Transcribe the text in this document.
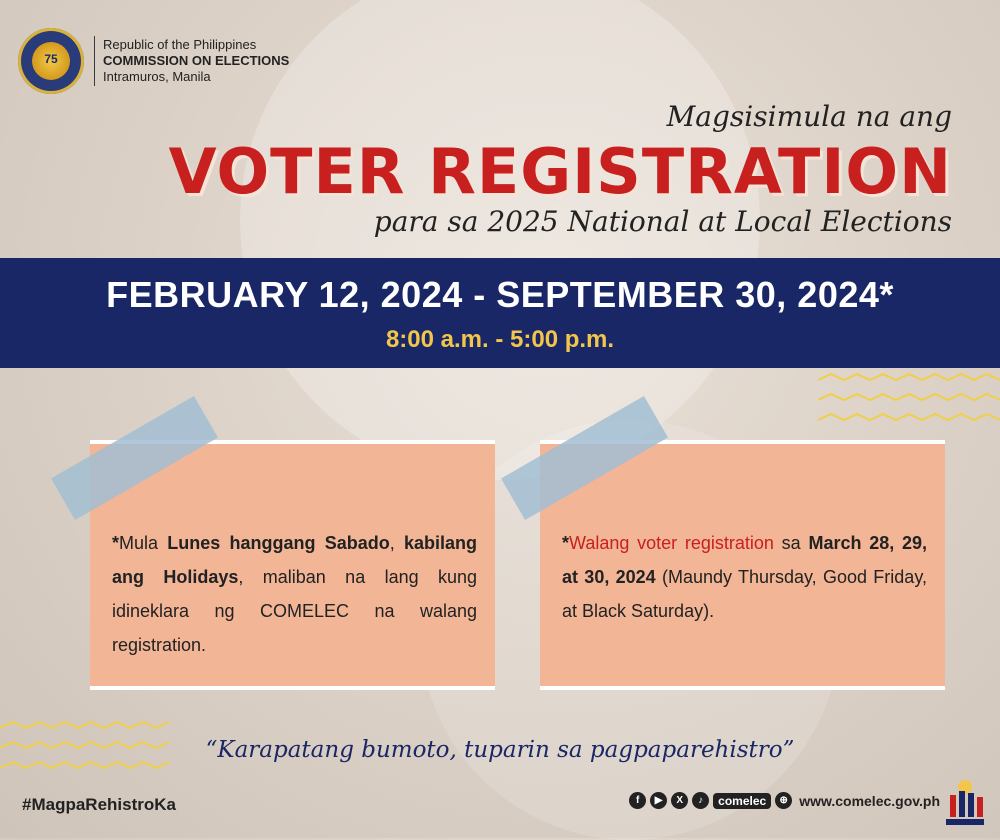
75
Republic of the Philippines
COMMISSION ON ELECTIONS
Intramuros, Manila
Magsisimula na ang
VOTER REGISTRATION
para sa 2025 National at Local Elections
FEBRUARY 12, 2024 - SEPTEMBER 30, 2024*
8:00 a.m. - 5:00 p.m.
*Mula Lunes hanggang Sabado, kabilang ang Holidays, maliban na lang kung idineklara ng COMELEC na walang registration.
*Walang voter registration sa March 28, 29, at 30, 2024 (Maundy Thursday, Good Friday, at Black Saturday).
“Karapatang bumoto, tuparin sa pagpaparehistro”
#MagpaRehistroKa	f	▶	X	♪	comelec	⊕ www.comelec.gov.ph
